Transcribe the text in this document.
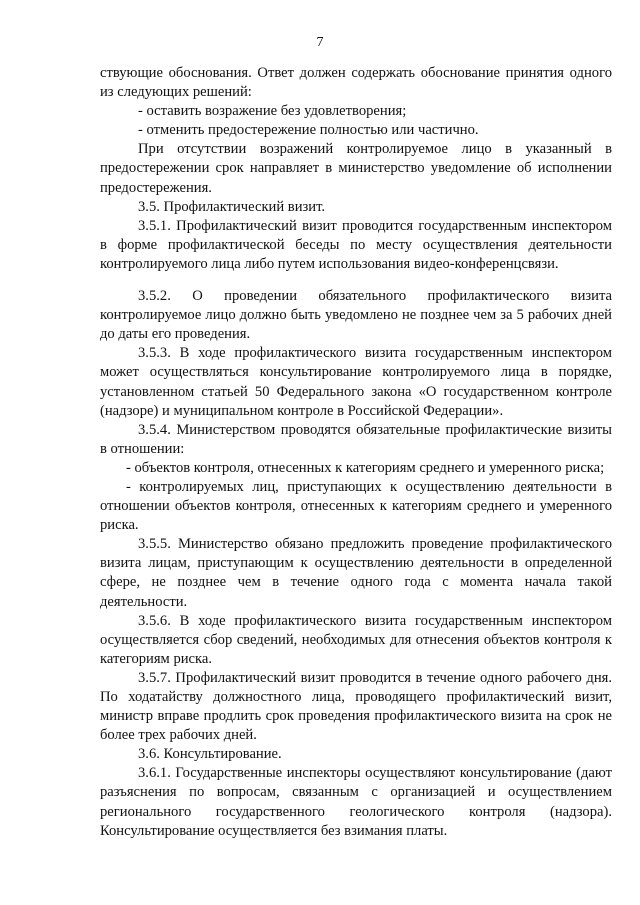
7

ствующие обоснования. Ответ должен содержать обоснование принятия одного из следующих решений:

- оставить возражение без удовлетворения;

- отменить предостережение полностью или частично.

При отсутствии возражений контролируемое лицо в указанный в предостережении срок направляет в министерство уведомление об исполнении предостережения.

3.5. Профилактический визит.

3.5.1. Профилактический визит проводится государственным инспектором в форме профилактической беседы по месту осуществления деятельности контролируемого лица либо путем использования видео-конференцсвязи.

3.5.2. О проведении обязательного профилактического визита контролируемое лицо должно быть уведомлено не позднее чем за 5 рабочих дней до даты его проведения.

3.5.3. В ходе профилактического визита государственным инспектором может осуществляться консультирование контролируемого лица в порядке, установленном статьей 50 Федерального закона «О государственном контроле (надзоре) и муниципальном контроле в Российской Федерации».

3.5.4. Министерством проводятся обязательные профилактические визиты в отношении:

- объектов контроля, отнесенных к категориям среднего и умеренного риска;

- контролируемых лиц, приступающих к осуществлению деятельности в отношении объектов контроля, отнесенных к категориям среднего и умеренного риска.

3.5.5. Министерство обязано предложить проведение профилактического визита лицам, приступающим к осуществлению деятельности в определенной сфере, не позднее чем в течение одного года с момента начала такой деятельности.

3.5.6. В ходе профилактического визита государственным инспектором осуществляется сбор сведений, необходимых для отнесения объектов контроля к категориям риска.

3.5.7. Профилактический визит проводится в течение одного рабочего дня. По ходатайству должностного лица, проводящего профилактический визит, министр вправе продлить срок проведения профилактического визита на срок не более трех рабочих дней.

3.6. Консультирование.

3.6.1. Государственные инспекторы осуществляют консультирование (дают разъяснения по вопросам, связанным с организацией и осуществлением регионального государственного геологического контроля (надзора). Консультирование осуществляется без взимания платы.
